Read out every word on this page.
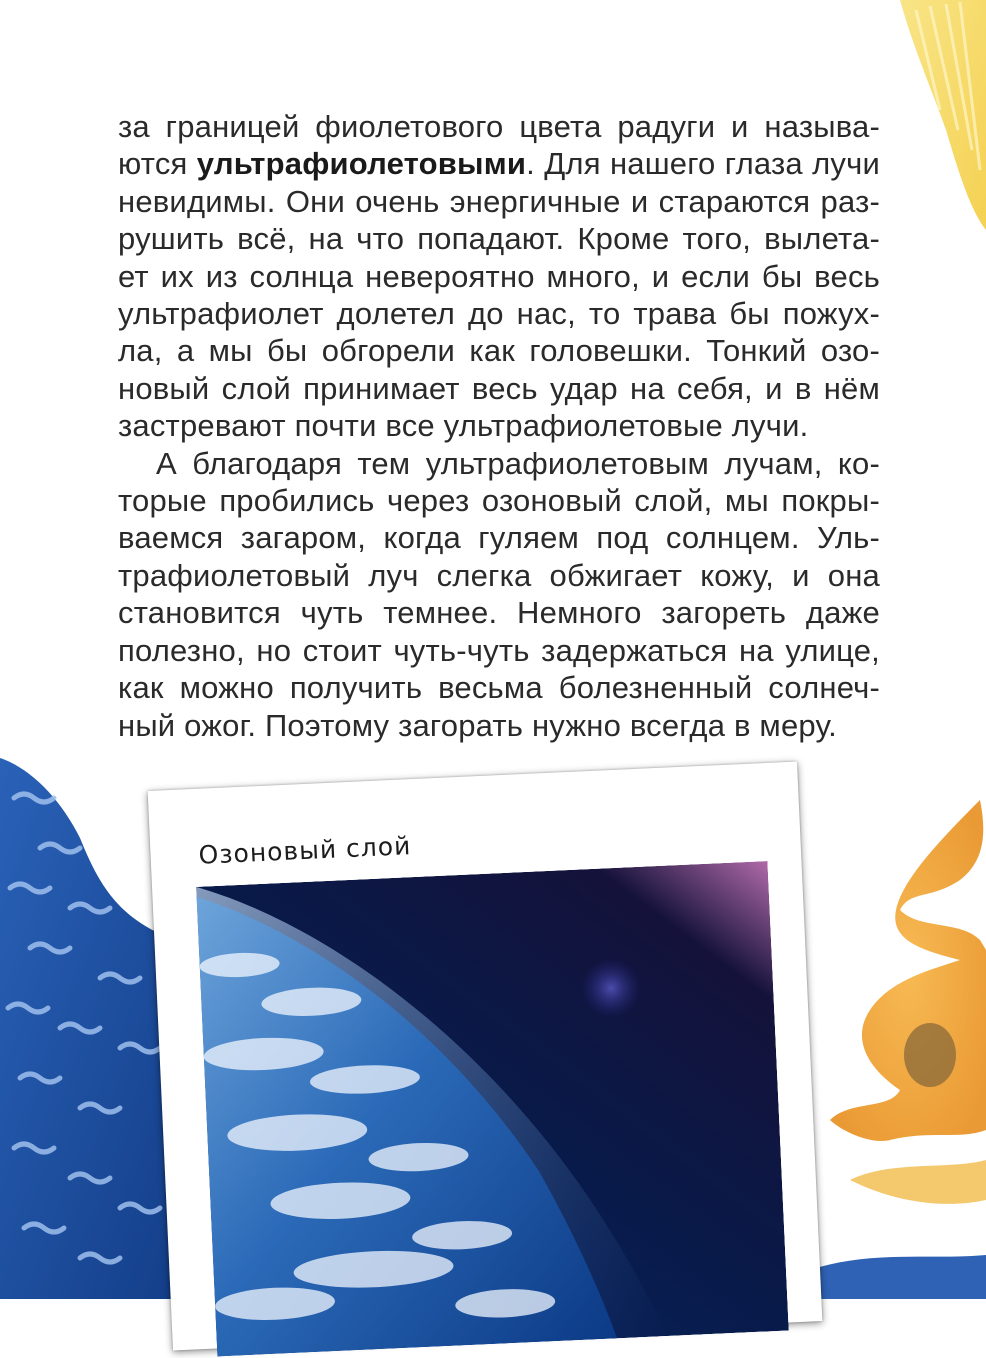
за границей фиолетового цвета радуги и называ-ются ультрафиолетовыми. Для нашего глаза лучи невидимы. Они очень энергичные и стараются раз-рушить всё, на что попадают. Кроме того, вылета-ет их из солнца невероятно много, и если бы весь ультрафиолет долетел до нас, то трава бы пожух-ла, а мы бы обгорели как головешки. Тонкий озо-новый слой принимает весь удар на себя, и в нём застревают почти все ультрафиолетовые лучи.

А благодаря тем ультрафиолетовым лучам, ко-торые пробились через озоновый слой, мы покры-ваемся загаром, когда гуляем под солнцем. Уль-трафиолетовый луч слегка обжигает кожу, и она становится чуть темнее. Немного загореть даже полезно, но стоит чуть-чуть задержаться на улице, как можно получить весьма болезненный солнеч-ный ожог. Поэтому загорать нужно всегда в меру.

Озоновый слой
